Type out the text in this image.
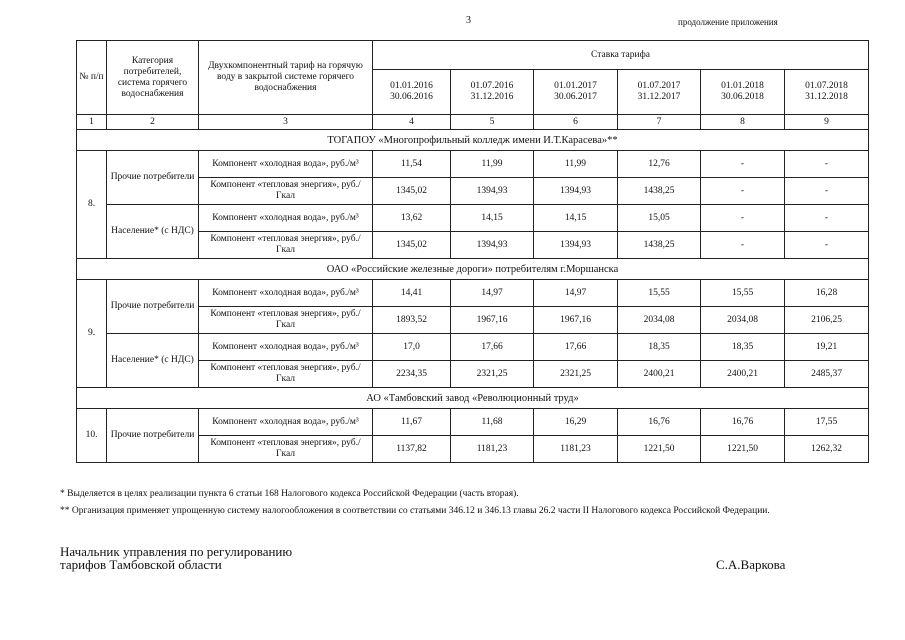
3	продолжение приложения
№ п/п	Категория потребителей, система горячего водоснабжения	Двухкомпонентный тариф на горячую воду в закрытой системе горячего водоснабжения	Ставка тарифа					
			01.01.2016 30.06.2016	01.07.2016 31.12.2016	01.01.2017 30.06.2017	01.07.2017 31.12.2017	01.01.2018 30.06.2018	01.07.2018 31.12.2018
1	2	3	4	5	6	7	8	9
ТОГАПОУ «Многопрофильный колледж имени И.Т.Карасева»**								
8.	Прочие потребители	Компонент «холодная вода», руб./м³	11,54	11,99	11,99	12,76	-	-
		Компонент «тепловая энергия», руб./Гкал	1345,02	1394,93	1394,93	1438,25	-	-
	Население* (с НДС)	Компонент «холодная вода», руб./м³	13,62	14,15	14,15	15,05	-	-
		Компонент «тепловая энергия», руб./Гкал	1345,02	1394,93	1394,93	1438,25	-	-
ОАО «Российские железные дороги» потребителям г.Моршанска								
9.	Прочие потребители	Компонент «холодная вода», руб./м³	14,41	14,97	14,97	15,55	15,55	16,28
		Компонент «тепловая энергия», руб./Гкал	1893,52	1967,16	1967,16	2034,08	2034,08	2106,25
	Население* (с НДС)	Компонент «холодная вода», руб./м³	17,0	17,66	17,66	18,35	18,35	19,21
		Компонент «тепловая энергия», руб./Гкал	2234,35	2321,25	2321,25	2400,21	2400,21	2485,37
АО «Тамбовский завод «Революционный труд»								
10.	Прочие потребители	Компонент «холодная вода», руб./м³	11,67	11,68	16,29	16,76	16,76	17,55
		Компонент «тепловая энергия», руб./Гкал	1137,82	1181,23	1181,23	1221,50	1221,50	1262,32
* Выделяется в целях реализации пункта 6 статьи 168 Налогового кодекса Российской Федерации (часть вторая).
** Организация применяет упрощенную систему налогообложения в соответствии со статьями 346.12 и 346.13 главы 26.2 части II Налогового кодекса Российской Федерации.
Начальник управления по регулированию
тарифов Тамбовской области	С.А.Варкова
